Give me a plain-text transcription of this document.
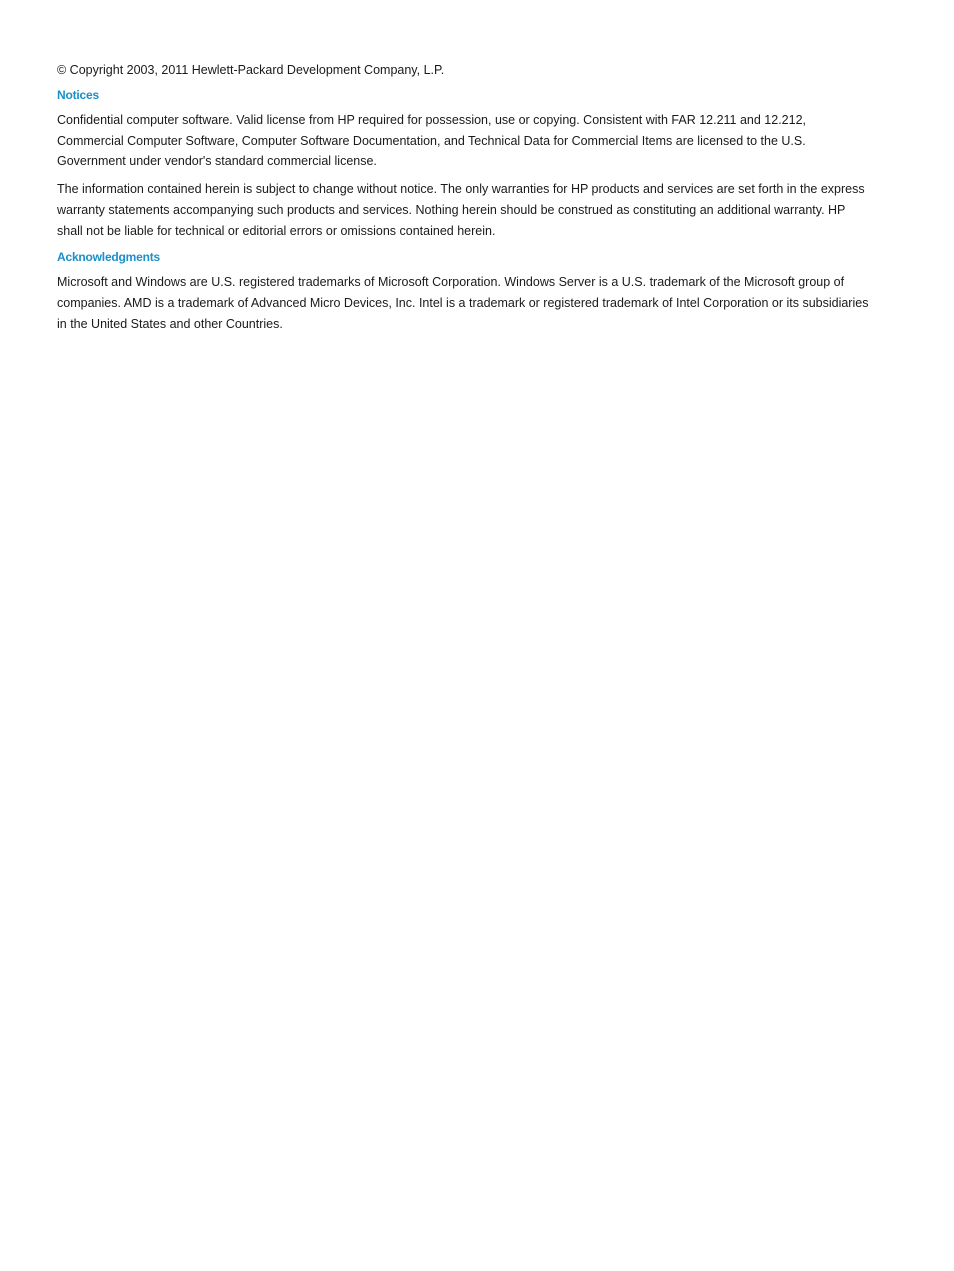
© Copyright 2003, 2011 Hewlett-Packard Development Company, L.P.

Notices

Confidential computer software. Valid license from HP required for possession, use or copying. Consistent with FAR 12.211 and 12.212, Commercial Computer Software, Computer Software Documentation, and Technical Data for Commercial Items are licensed to the U.S. Government under vendor's standard commercial license.

The information contained herein is subject to change without notice. The only warranties for HP products and services are set forth in the express warranty statements accompanying such products and services. Nothing herein should be construed as constituting an additional warranty. HP shall not be liable for technical or editorial errors or omissions contained herein.

Acknowledgments

Microsoft and Windows are U.S. registered trademarks of Microsoft Corporation. Windows Server is a U.S. trademark of the Microsoft group of companies. AMD is a trademark of Advanced Micro Devices, Inc. Intel is a trademark or registered trademark of Intel Corporation or its subsidiaries in the United States and other Countries.
